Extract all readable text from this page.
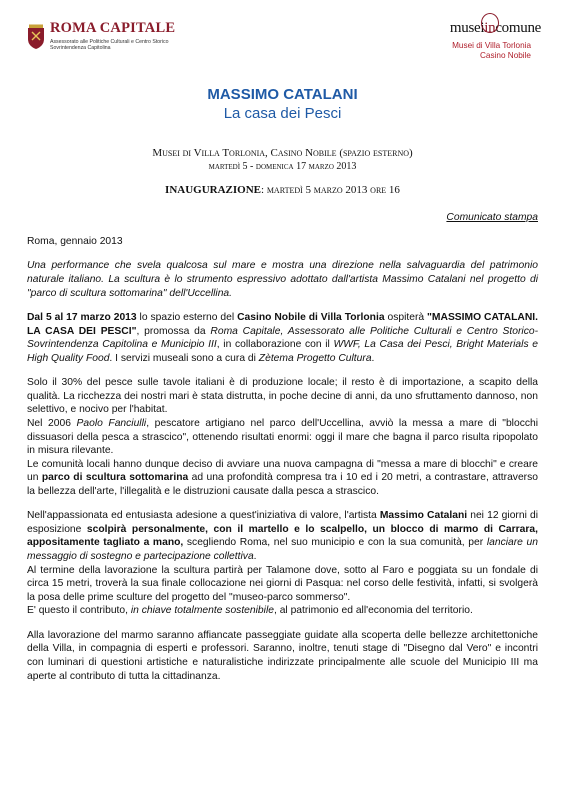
ROMA CAPITALE
Assessorato alle Politiche Culturali e Centro Storico
Sovrintendenza Capitolina
museiincomune
Musei di Villa Torlonia
Casino Nobile
MASSIMO CATALANI
La casa dei Pesci
Musei di Villa Torlonia, Casino Nobile (spazio esterno)
martedì 5 - domenica 17 marzo 2013
INAUGURAZIONE: martedì 5 marzo 2013 ore 16
Comunicato stampa

Roma, gennaio 2013

Una performance che svela qualcosa sul mare e mostra una direzione nella salvaguardia del patrimonio naturale italiano. La scultura è lo strumento espressivo adottato dall'artista Massimo Catalani nel progetto di "parco di scultura sottomarina" dell'Uccellina.

Dal 5 al 17 marzo 2013 lo spazio esterno del Casino Nobile di Villa Torlonia ospiterà "MASSIMO CATALANI. LA CASA DEI PESCI", promossa da Roma Capitale, Assessorato alle Politiche Culturali e Centro Storico-Sovrintendenza Capitolina e Municipio III, in collaborazione con il WWF, La Casa dei Pesci, Bright Materials e High Quality Food. I servizi museali sono a cura di Zètema Progetto Cultura.

Solo il 30% del pesce sulle tavole italiani è di produzione locale; il resto è di importazione, a scapito della qualità. La ricchezza dei nostri mari è stata distrutta, in poche decine di anni, da uno sfruttamento dannoso, non selettivo, e nocivo per l'habitat.

Nel 2006 Paolo Fanciulli, pescatore artigiano nel parco dell'Uccellina, avviò la messa a mare di "blocchi dissuasori della pesca a strascico", ottenendo risultati enormi: oggi il mare che bagna il parco risulta ripopolato in misura rilevante.

Le comunità locali hanno dunque deciso di avviare una nuova campagna di "messa a mare di blocchi" e creare un parco di scultura sottomarina ad una profondità compresa tra i 10 ed i 20 metri, a contrastare, attraverso la bellezza dell'arte, l'illegalità e le distruzioni causate dalla pesca a strascico.

Nell'appassionata ed entusiasta adesione a quest'iniziativa di valore, l'artista Massimo Catalani nei 12 giorni di esposizione scolpirà personalmente, con il martello e lo scalpello, un blocco di marmo di Carrara, appositamente tagliato a mano, scegliendo Roma, nel suo municipio e con la sua comunità, per lanciare un messaggio di sostegno e partecipazione collettiva.

Al termine della lavorazione la scultura partirà per Talamone dove, sotto al Faro e poggiata su un fondale di circa 15 metri, troverà la sua finale collocazione nei giorni di Pasqua: nel corso delle festività, infatti, si svolgerà la posa delle prime sculture del progetto del "museo-parco sommerso".

E' questo il contributo, in chiave totalmente sostenibile, al patrimonio ed all'economia del territorio.

Alla lavorazione del marmo saranno affiancate passeggiate guidate alla scoperta delle bellezze architettoniche della Villa, in compagnia di esperti e professori. Saranno, inoltre, tenuti stage di "Disegno dal Vero" e incontri con luminari di questioni artistiche e naturalistiche indirizzate principalmente alle scuole del Municipio III ma aperte al contributo di tutta la cittadinanza.
